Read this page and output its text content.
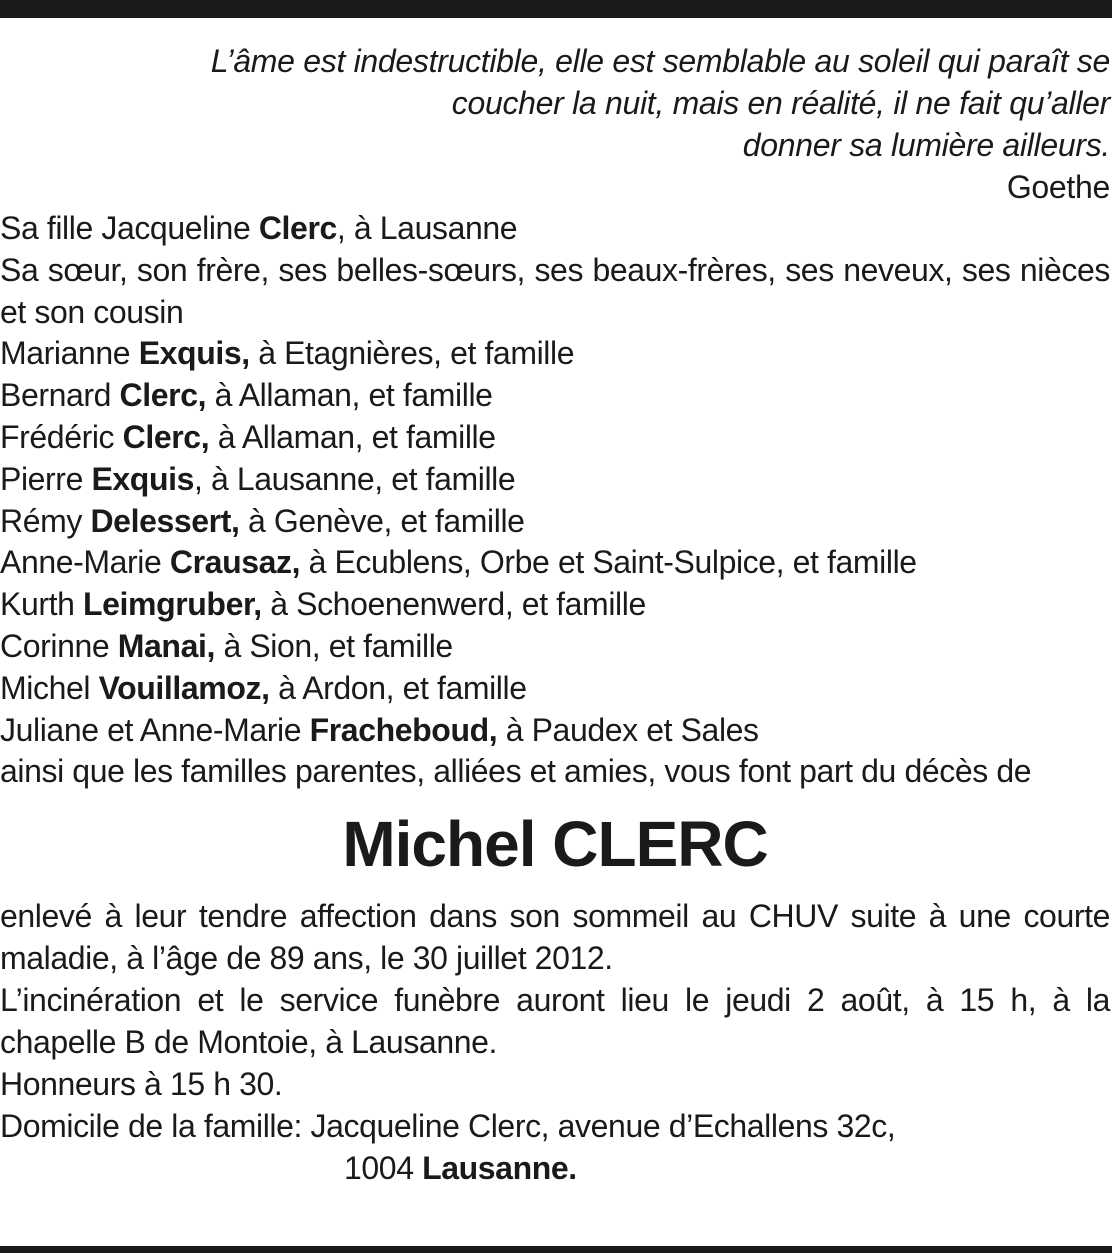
L’âme est indestructible, elle est semblable au soleil qui paraît se
coucher la nuit, mais en réalité, il ne fait qu’aller
donner sa lumière ailleurs.
Goethe
Sa fille Jacqueline Clerc, à Lausanne
Sa sœur, son frère, ses belles-sœurs, ses beaux-frères, ses neveux, ses nièces et son cousin
Marianne Exquis, à Etagnières, et famille
Bernard Clerc, à Allaman, et famille
Frédéric Clerc, à Allaman, et famille
Pierre Exquis, à Lausanne, et famille
Rémy Delessert, à Genève, et famille
Anne-Marie Crausaz, à Ecublens, Orbe et Saint-Sulpice, et famille
Kurth Leimgruber, à Schoenenwerd, et famille
Corinne Manai, à Sion, et famille
Michel Vouillamoz, à Ardon, et famille
Juliane et Anne-Marie Fracheboud, à Paudex et Sales
ainsi que les familles parentes, alliées et amies, vous font part du décès de
Michel CLERC
enlevé à leur tendre affection dans son sommeil au CHUV suite à une courte maladie, à l’âge de 89 ans, le 30 juillet 2012.
L’incinération et le service funèbre auront lieu le jeudi 2 août, à 15 h, à la chapelle B de Montoie, à Lausanne.
Honneurs à 15 h 30.
Domicile de la famille: Jacqueline Clerc, avenue d’Echallens 32c,
1004 Lausanne.
